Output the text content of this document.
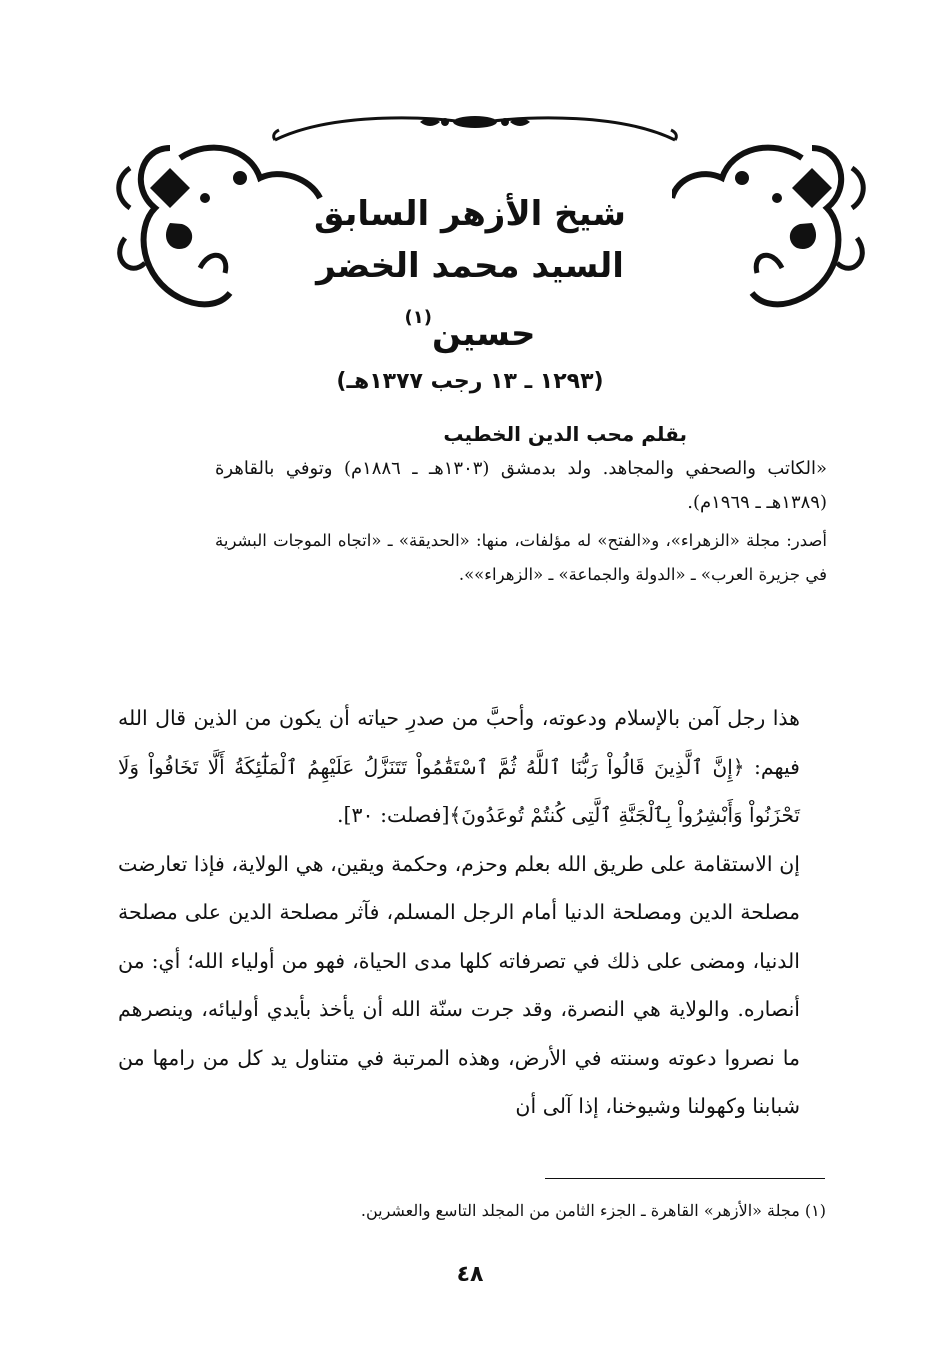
شيخ الأزهر السابق
السيد محمد الخضر حسين$^{(١)}$
(١٢٩٣ ـ ١٣ رجب ١٣٧٧هـ)
بقلم محب الدين الخطيب
«الكاتب والصحفي والمجاهد. ولد بدمشق (١٣٠٣هـ ـ ١٨٨٦م) وتوفي بالقاهرة (١٣٨٩هـ ـ ١٩٦٩م).
أصدر: مجلة «الزهراء»، و«الفتح» له مؤلفات، منها: «الحديقة» ـ «اتجاه الموجات البشرية في جزيرة العرب» ـ «الدولة والجماعة» ـ «الزهراء»».

هذا رجل آمن بالإسلام ودعوته، وأحبَّ من صدرِ حياته أن يكون من الذين قال الله فيهم: ﴿إِنَّ ٱلَّذِينَ قَالُواْ رَبُّنَا ٱللَّهُ ثُمَّ ٱسْتَقَٰمُواْ تَتَنَزَّلُ عَلَيْهِمُ ٱلْمَلَٰٓئِكَةُ أَلَّا تَخَافُواْ وَلَا تَحْزَنُواْ وَأَبْشِرُواْ بِٱلْجَنَّةِ ٱلَّتِى كُنتُمْ تُوعَدُونَ﴾[فصلت: ٣٠].

إن الاستقامة على طريق الله بعلم وحزم، وحكمة ويقين، هي الولاية، فإذا تعارضت مصلحة الدين ومصلحة الدنيا أمام الرجل المسلم، فآثر مصلحة الدين على مصلحة الدنيا، ومضى على ذلك في تصرفاته كلها مدى الحياة، فهو من أولياء الله؛ أي: من أنصاره. والولاية هي النصرة، وقد جرت سنّة الله أن يأخذ بأيدي أوليائه، وينصرهم ما نصروا دعوته وسنته في الأرض، وهذه المرتبة في متناول يد كل من رامها من شبابنا وكهولنا وشيوخنا، إذا آلى أن

(١) مجلة «الأزهر» القاهرة ـ الجزء الثامن من المجلد التاسع والعشرين.
٤٨
